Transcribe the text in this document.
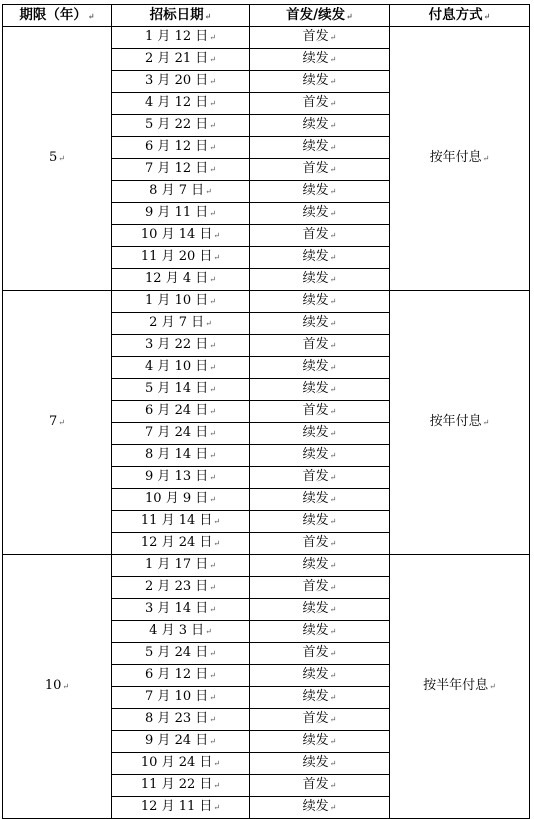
期限（年）↵	招标日期↵	首发/续发↵	付息方式↵
5↵	1 月 12 日↵	首发↵	按年付息↵
	2 月 21 日↵	续发↵	
	3 月 20 日↵	续发↵	
	4 月 12 日↵	首发↵	
	5 月 22 日↵	续发↵	
	6 月 12 日↵	续发↵	
	7 月 12 日↵	首发↵	
	8 月 7 日↵	续发↵	
	9 月 11 日↵	续发↵	
	10 月 14 日↵	首发↵	
	11 月 20 日↵	续发↵	
	12 月 4 日↵	续发↵	
7↵	1 月 10 日↵	续发↵	按年付息↵
	2 月 7 日↵	续发↵	
	3 月 22 日↵	首发↵	
	4 月 10 日↵	续发↵	
	5 月 14 日↵	续发↵	
	6 月 24 日↵	首发↵	
	7 月 24 日↵	续发↵	
	8 月 14 日↵	续发↵	
	9 月 13 日↵	首发↵	
	10 月 9 日↵	续发↵	
	11 月 14 日↵	续发↵	
	12 月 24 日↵	首发↵	
10↵	1 月 17 日↵	续发↵	按半年付息↵
	2 月 23 日↵	首发↵	
	3 月 14 日↵	续发↵	
	4 月 3 日↵	续发↵	
	5 月 24 日↵	首发↵	
	6 月 12 日↵	续发↵	
	7 月 10 日↵	续发↵	
	8 月 23 日↵	首发↵	
	9 月 24 日↵	续发↵	
	10 月 24 日↵	续发↵	
	11 月 22 日↵	首发↵	
	12 月 11 日↵	续发↵	
